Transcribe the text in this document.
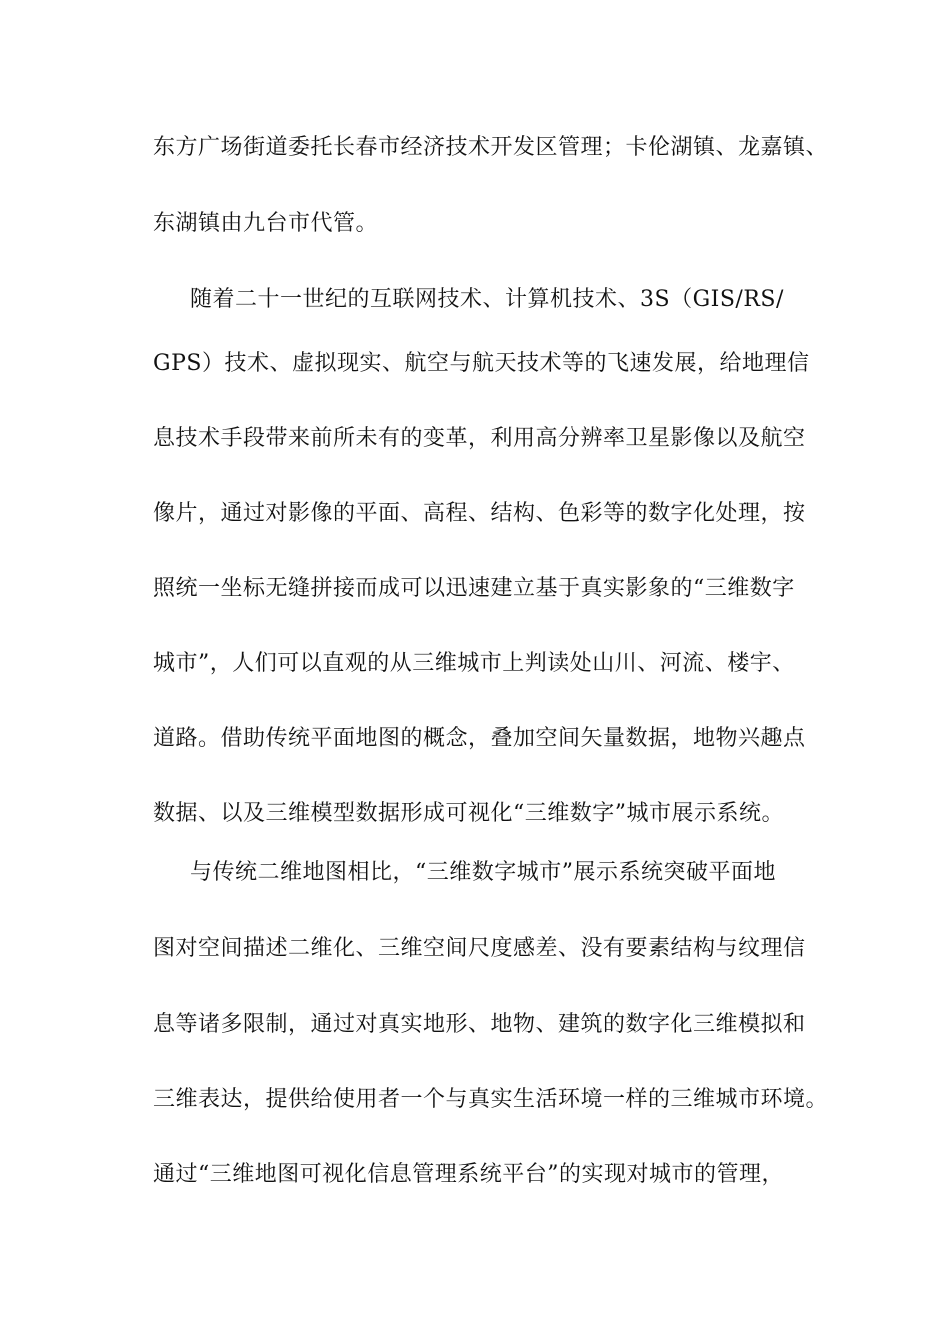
东方广场街道委托长春市经济技术开发区管理；卡伦湖镇、龙嘉镇、
东湖镇由九台市代管。
随着二十一世纪的互联网技术、计算机技术、3S（GIS/RS/
GPS）技术、虚拟现实、航空与航天技术等的飞速发展，给地理信
息技术手段带来前所未有的变革，利用高分辨率卫星影像以及航空
像片，通过对影像的平面、高程、结构、色彩等的数字化处理，按
照统一坐标无缝拼接而成可以迅速建立基于真实影象的“三维数字
城市”，人们可以直观的从三维城市上判读处山川、河流、楼宇、
道路。借助传统平面地图的概念，叠加空间矢量数据，地物兴趣点
数据、以及三维模型数据形成可视化“三维数字”城市展示系统。
与传统二维地图相比，“三维数字城市”展示系统突破平面地
图对空间描述二维化、三维空间尺度感差、没有要素结构与纹理信
息等诸多限制，通过对真实地形、地物、建筑的数字化三维模拟和
三维表达，提供给使用者一个与真实生活环境一样的三维城市环境。
通过“三维地图可视化信息管理系统平台”的实现对城市的管理，
